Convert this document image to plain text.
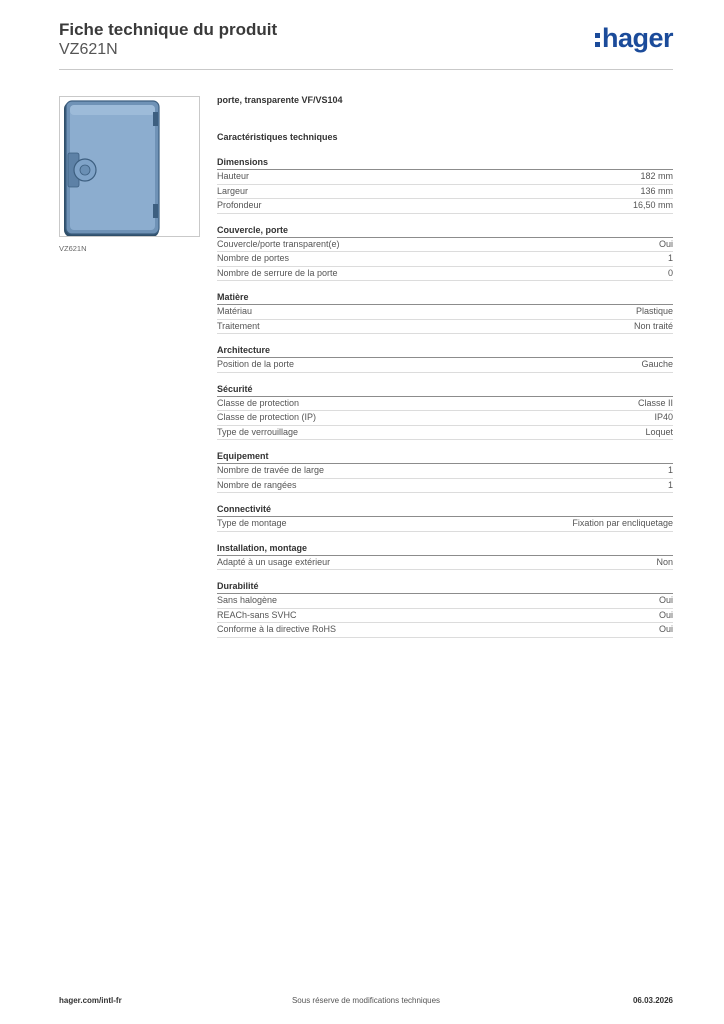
Fiche technique du produit
VZ621N	hager
VZ621N
porte, transparente VF/VS104
Caractéristiques techniques
Dimensions
Hauteur	182 mm
Largeur	136 mm
Profondeur	16,50 mm
Couvercle, porte
Couvercle/porte transparent(e)	Oui
Nombre de portes	1
Nombre de serrure de la porte	0
Matière
Matériau	Plastique
Traitement	Non traité
Architecture
Position de la porte	Gauche
Sécurité
Classe de protection	Classe II
Classe de protection (IP)	IP40
Type de verrouillage	Loquet
Equipement
Nombre de travée de large	1
Nombre de rangées	1
Connectivité
Type de montage	Fixation par encliquetage
Installation, montage
Adapté à un usage extérieur	Non
Durabilité
Sans halogène	Oui
REACh-sans SVHC	Oui
Conforme à la directive RoHS	Oui
hager.com/intl-fr	Sous réserve de modifications techniques	06.03.2026
